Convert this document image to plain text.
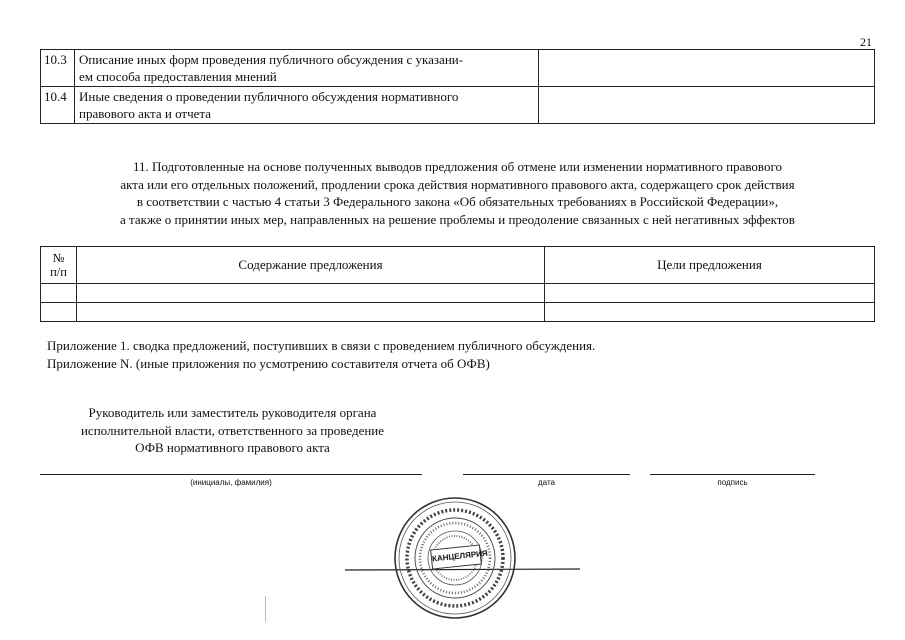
21
10.3	Описание иных форм проведения публичного обсуждения с указани-
ем способа предоставления мнений	
10.4	Иные сведения о проведении публичного обсуждения нормативного
правового акта и отчета	
11. Подготовленные на основе полученных выводов предложения об отмене или изменении нормативного правового
акта или его отдельных положений, продлении срока действия нормативного правового акта, содержащего срок действия
в соответствии с частью 4 статьи 3 Федерального закона «Об обязательных требованиях в Российской Федерации»,
а также о принятии иных мер, направленных на решение проблемы и преодоление связанных с ней негативных эффектов
№
п/п	Содержание предложения	Цели предложения

Приложение 1. сводка предложений, поступивших в связи с проведением публичного обсуждения.
Приложение N. (иные приложения по усмотрению составителя отчета об ОФВ)
Руководитель или заместитель руководителя органа
исполнительной власти, ответственного за проведение
ОФВ нормативного правового акта
(инициалы, фамилия)	дата	подпись
КАНЦЕЛЯРИЯ
